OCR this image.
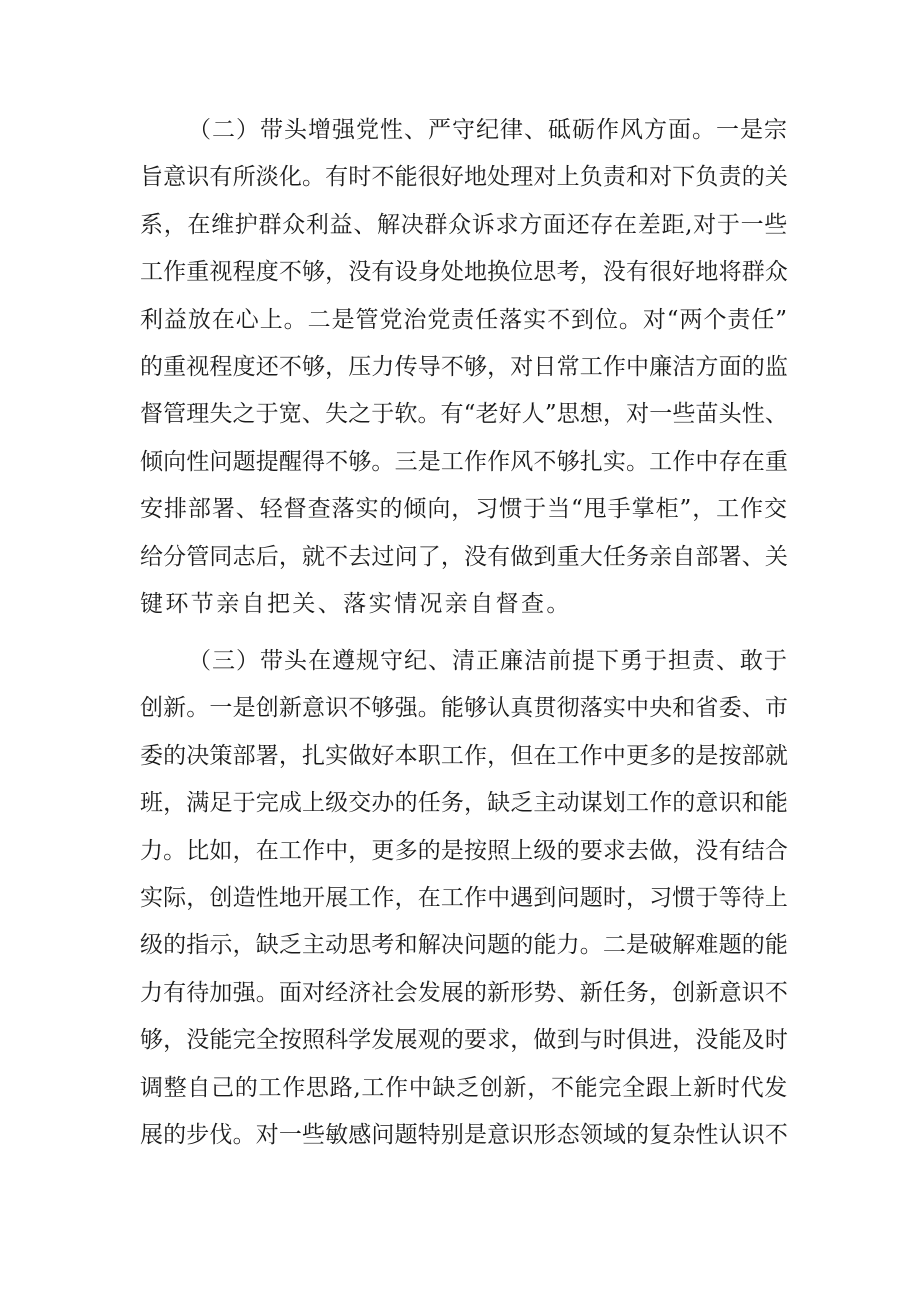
（二）带头增强党性、严守纪律、砥砺作风方面。一是宗
旨意识有所淡化。有时不能很好地处理对上负责和对下负责的关
系，在维护群众利益、解决群众诉求方面还存在差距,对于一些
工作重视程度不够，没有设身处地换位思考，没有很好地将群众
利益放在心上。二是管党治党责任落实不到位。对“两个责任”
的重视程度还不够，压力传导不够，对日常工作中廉洁方面的监
督管理失之于宽、失之于软。有“老好人”思想，对一些苗头性、
倾向性问题提醒得不够。三是工作作风不够扎实。工作中存在重
安排部署、轻督查落实的倾向，习惯于当“甩手掌柜”，工作交
给分管同志后，就不去过问了，没有做到重大任务亲自部署、关
键环节亲自把关、落实情况亲自督查。
（三）带头在遵规守纪、清正廉洁前提下勇于担责、敢于
创新。一是创新意识不够强。能够认真贯彻落实中央和省委、市
委的决策部署，扎实做好本职工作，但在工作中更多的是按部就
班，满足于完成上级交办的任务，缺乏主动谋划工作的意识和能
力。比如，在工作中，更多的是按照上级的要求去做，没有结合
实际，创造性地开展工作，在工作中遇到问题时，习惯于等待上
级的指示，缺乏主动思考和解决问题的能力。二是破解难题的能
力有待加强。面对经济社会发展的新形势、新任务，创新意识不
够，没能完全按照科学发展观的要求，做到与时俱进，没能及时
调整自己的工作思路,工作中缺乏创新，不能完全跟上新时代发
展的步伐。对一些敏感问题特别是意识形态领域的复杂性认识不
